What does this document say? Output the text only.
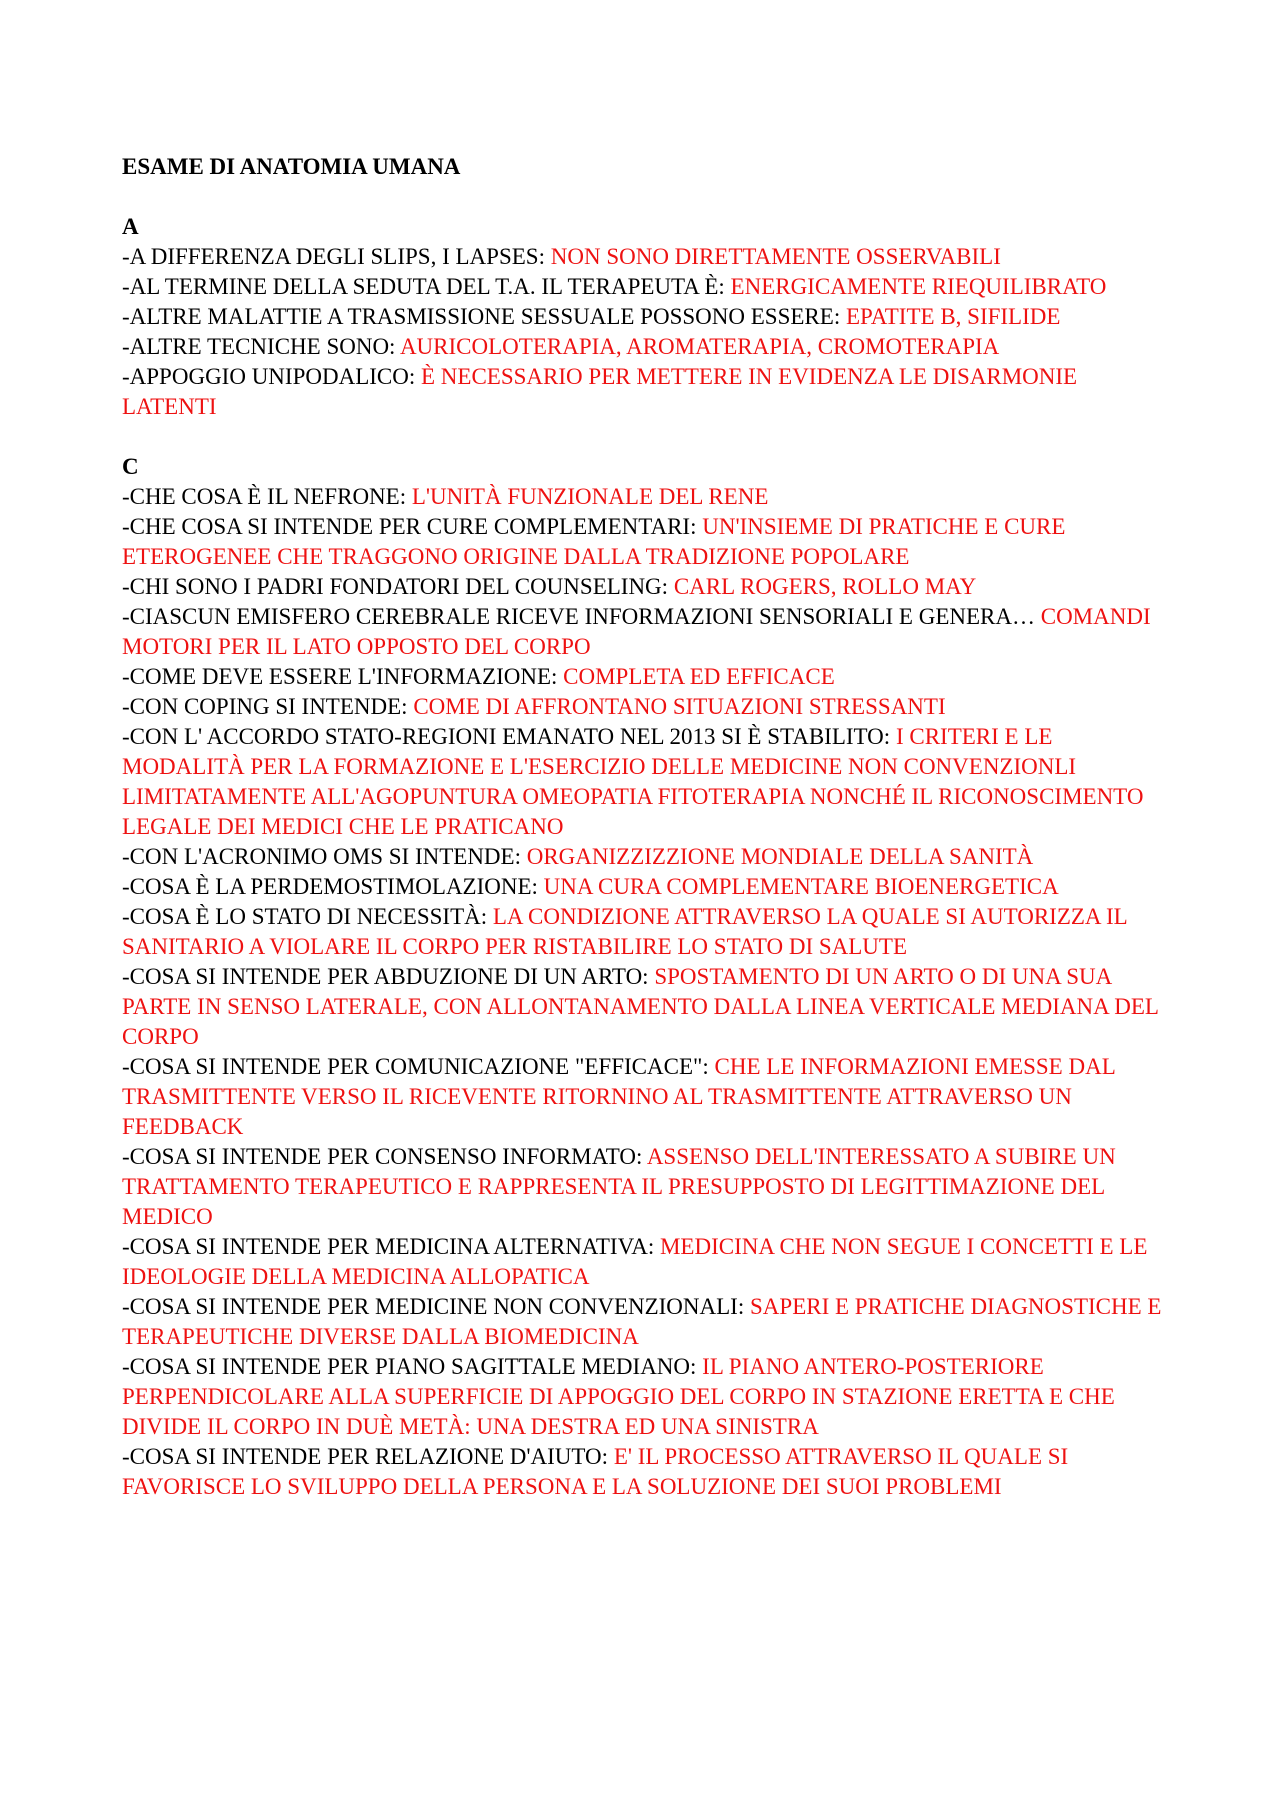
ESAME DI ANATOMIA UMANA
A

-A DIFFERENZA DEGLI SLIPS, I LAPSES: NON SONO DIRETTAMENTE OSSERVABILI

-AL TERMINE DELLA SEDUTA DEL T.A. IL TERAPEUTA È: ENERGICAMENTE RIEQUILIBRATO

-ALTRE MALATTIE A TRASMISSIONE SESSUALE POSSONO ESSERE: EPATITE B, SIFILIDE

-ALTRE TECNICHE SONO: AURICOLOTERAPIA, AROMATERAPIA, CROMOTERAPIA

-APPOGGIO UNIPODALICO: È NECESSARIO PER METTERE IN EVIDENZA LE DISARMONIE LATENTI

C

-CHE COSA È IL NEFRONE: L'UNITÀ FUNZIONALE DEL RENE

-CHE COSA SI INTENDE PER CURE COMPLEMENTARI: UN'INSIEME DI PRATICHE E CURE ETEROGENEE CHE TRAGGONO ORIGINE DALLA TRADIZIONE POPOLARE

-CHI SONO I PADRI FONDATORI DEL COUNSELING: CARL ROGERS, ROLLO MAY

-CIASCUN EMISFERO CEREBRALE RICEVE INFORMAZIONI SENSORIALI E GENERA… COMANDI MOTORI PER IL LATO OPPOSTO DEL CORPO

-COME DEVE ESSERE L'INFORMAZIONE: COMPLETA ED EFFICACE

-CON COPING SI INTENDE: COME DI AFFRONTANO SITUAZIONI STRESSANTI

-CON L' ACCORDO STATO-REGIONI EMANATO NEL 2013 SI È STABILITO: I CRITERI E LE MODALITÀ PER LA FORMAZIONE E L'ESERCIZIO DELLE MEDICINE NON CONVENZIONLI LIMITATAMENTE ALL'AGOPUNTURA OMEOPATIA FITOTERAPIA NONCHÉ IL RICONOSCIMENTO LEGALE DEI MEDICI CHE LE PRATICANO

-CON L'ACRONIMO OMS SI INTENDE: ORGANIZZIZZIONE MONDIALE DELLA SANITÀ

-COSA È LA PERDEMOSTIMOLAZIONE: UNA CURA COMPLEMENTARE BIOENERGETICA

-COSA È LO STATO DI NECESSITÀ: LA CONDIZIONE ATTRAVERSO LA QUALE SI AUTORIZZA IL SANITARIO A VIOLARE IL CORPO PER RISTABILIRE LO STATO DI SALUTE

-COSA SI INTENDE PER ABDUZIONE DI UN ARTO: SPOSTAMENTO DI UN ARTO O DI UNA SUA PARTE IN SENSO LATERALE, CON ALLONTANAMENTO DALLA LINEA VERTICALE MEDIANA DEL CORPO

-COSA SI INTENDE PER COMUNICAZIONE "EFFICACE": CHE LE INFORMAZIONI EMESSE DAL TRASMITTENTE VERSO IL RICEVENTE RITORNINO AL TRASMITTENTE ATTRAVERSO UN FEEDBACK

-COSA SI INTENDE PER CONSENSO INFORMATO: ASSENSO DELL'INTERESSATO A SUBIRE UN TRATTAMENTO TERAPEUTICO E RAPPRESENTA IL PRESUPPOSTO DI LEGITTIMAZIONE DEL MEDICO

-COSA SI INTENDE PER MEDICINA ALTERNATIVA: MEDICINA CHE NON SEGUE I CONCETTI E LE IDEOLOGIE DELLA MEDICINA ALLOPATICA

-COSA SI INTENDE PER MEDICINE NON CONVENZIONALI: SAPERI E PRATICHE DIAGNOSTICHE E TERAPEUTICHE DIVERSE DALLA BIOMEDICINA

-COSA SI INTENDE PER PIANO SAGITTALE MEDIANO: IL PIANO ANTERO-POSTERIORE PERPENDICOLARE ALLA SUPERFICIE DI APPOGGIO DEL CORPO IN STAZIONE ERETTA E CHE DIVIDE IL CORPO IN DUÈ METÀ: UNA DESTRA ED UNA SINISTRA

-COSA SI INTENDE PER RELAZIONE D'AIUTO: E' IL PROCESSO ATTRAVERSO IL QUALE SI FAVORISCE LO SVILUPPO DELLA PERSONA E LA SOLUZIONE DEI SUOI PROBLEMI
